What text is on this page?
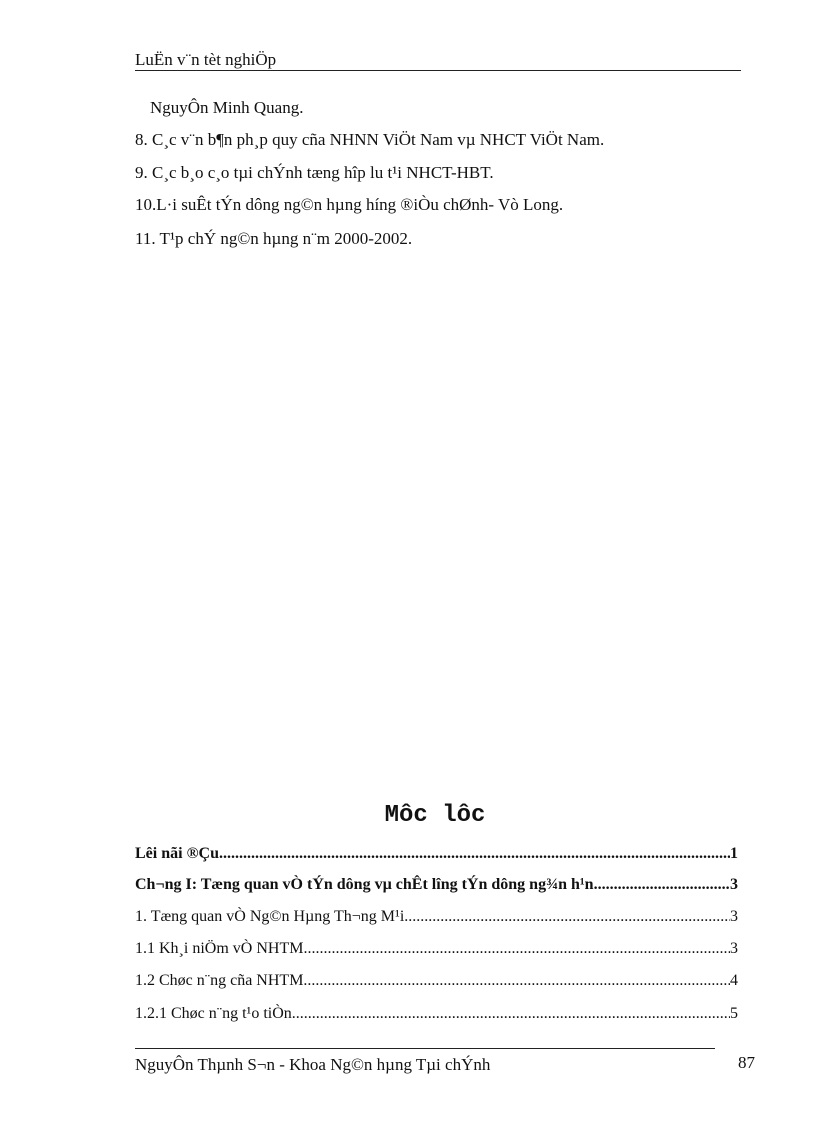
LuËn v¨n tèt nghiÖp
NguyÔn Minh Quang.
8. C¸c v¨n b¶n ph¸p quy cña NHNN ViÖt Nam vµ NHCT ViÖt Nam.
9. C¸c b¸o c¸o tµi chÝnh tæng hîp lu t¹i NHCT-HBT.
10.L·i suÊt tÝn dông ng©n hµng híng ®iÒu chØnh- Vò Long.
11. T¹p chÝ ng©n hµng n¨m 2000-2002.
Môc lôc
Lêi nãi ®Çu .....	1
Ch¬ng I: Tæng quan vÒ tÝn dông vµ chÊt lîng tÝn dông ng¾n h¹n .....	3
1. Tæng quan vÒ Ng©n Hµng Th¬ng M¹i. .....	3
1.1 Kh¸i niÖm vÒ NHTM. .....	3
1.2 Chøc n¨ng cña NHTM. .....	4
1.2.1 Chøc n¨ng t¹o tiÒn. .....	5
NguyÔn Thµnh S¬n - Khoa Ng©n hµng Tµi chÝnh	87
